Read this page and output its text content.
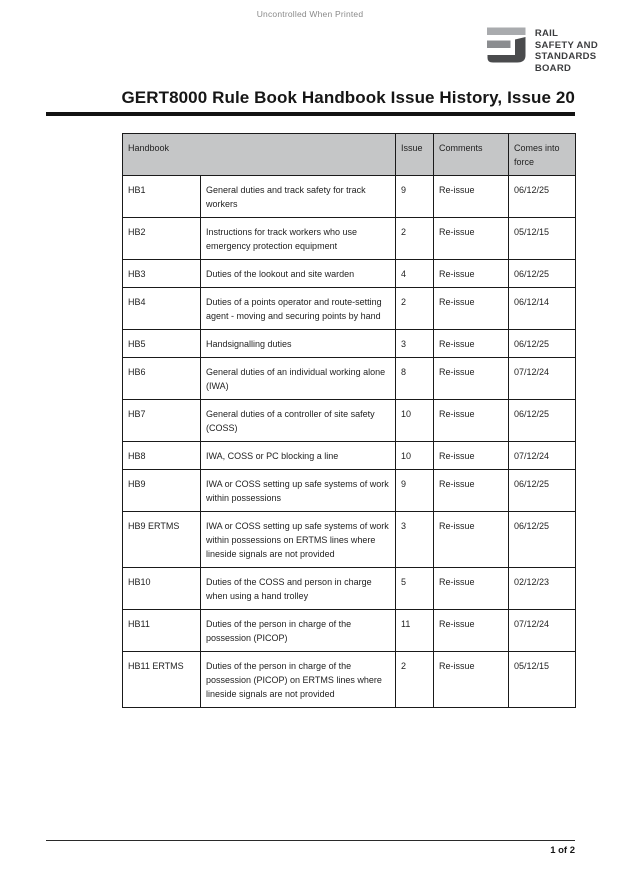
Uncontrolled When Printed
RAIL
SAFETY AND
STANDARDS
BOARD
GERT8000 Rule Book Handbook Issue History, Issue 20
Handbook		Issue	Comments	Comes into force
HB1	General duties and track safety for track workers	9	Re-issue	06/12/25
HB2	Instructions for track workers who use emergency protection equipment	2	Re-issue	05/12/15
HB3	Duties of the lookout and site warden	4	Re-issue	06/12/25
HB4	Duties of a points operator and route-setting agent - moving and securing points by hand	2	Re-issue	06/12/14
HB5	Handsignalling duties	3	Re-issue	06/12/25
HB6	General duties of an individual working alone (IWA)	8	Re-issue	07/12/24
HB7	General duties of a controller of site safety (COSS)	10	Re-issue	06/12/25
HB8	IWA, COSS or PC blocking a line	10	Re-issue	07/12/24
HB9	IWA or COSS setting up safe systems of work within possessions	9	Re-issue	06/12/25
HB9 ERTMS	IWA or COSS setting up safe systems of work within possessions on ERTMS lines where lineside signals are not provided	3	Re-issue	06/12/25
HB10	Duties of the COSS and person in charge when using a hand trolley	5	Re-issue	02/12/23
HB11	Duties of the person in charge of the possession (PICOP)	11	Re-issue	07/12/24
HB11 ERTMS	Duties of the person in charge of the possession (PICOP) on ERTMS lines where lineside signals are not provided	2	Re-issue	05/12/15
1 of 2
